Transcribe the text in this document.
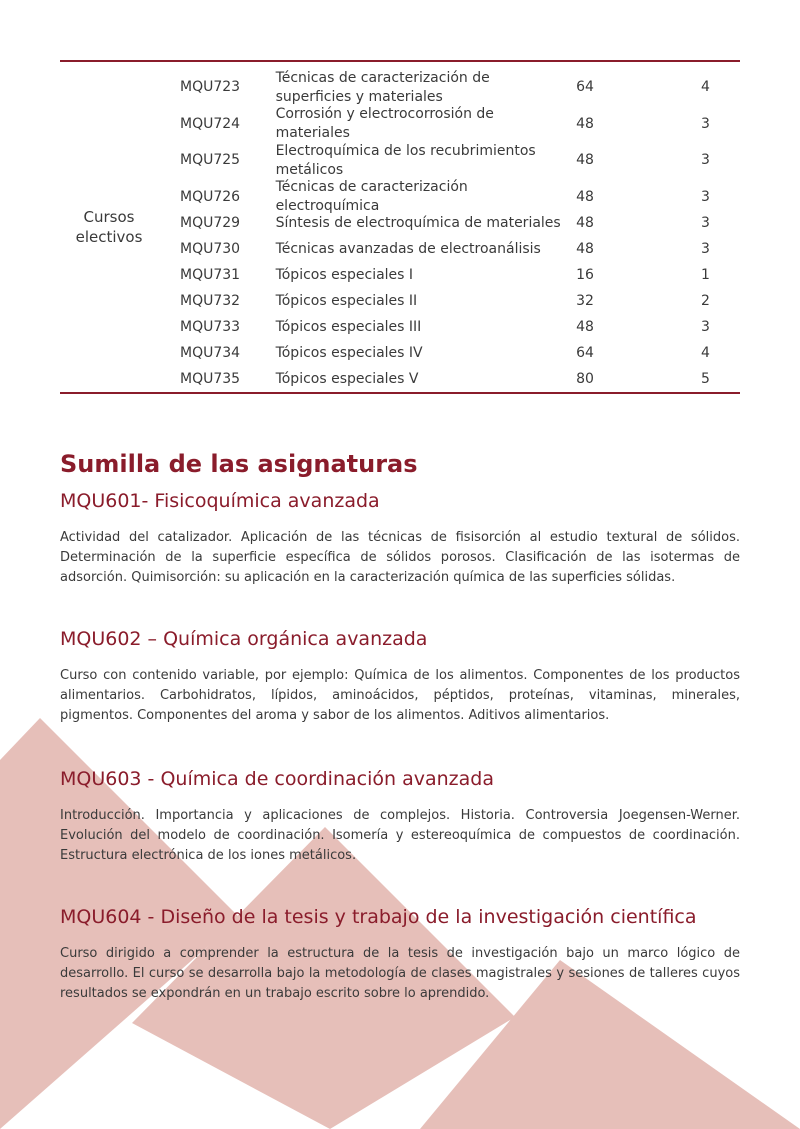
Cursos electivos
MQU723
Técnicas de caracterización de superficies y materiales
64	4
MQU724
Corrosión y electrocorrosión de materiales
48	3
MQU725
Electroquímica de los recubrimientos metálicos
48	3
MQU726
Técnicas de caracterización electroquímica
48	3
MQU729	Síntesis de electroquímica de materiales	48	3
MQU730	Técnicas avanzadas de electroanálisis	48	3
MQU731	Tópicos especiales I	16	1
MQU732	Tópicos especiales II	32	2
MQU733	Tópicos especiales III	48	3
MQU734	Tópicos especiales IV	64	4
MQU735	Tópicos especiales V	80	5
Sumilla de las asignaturas
MQU601- Fisicoquímica avanzada

Actividad del catalizador. Aplicación de las técnicas de fisisorción al estudio textural de sólidos. Determinación de la superficie específica de sólidos porosos. Clasificación de las isotermas de adsorción. Quimisorción: su aplicación en la caracterización química de las superficies sólidas.

MQU602 – Química orgánica avanzada

Curso con contenido variable, por ejemplo: Química de los alimentos. Componentes de los productos alimentarios. Carbohidratos, lípidos, aminoácidos, péptidos, proteínas, vitaminas, minerales, pigmentos. Componentes del aroma y sabor de los alimentos. Aditivos alimentarios.

MQU603 - Química de coordinación avanzada

Introducción. Importancia y aplicaciones de complejos. Historia. Controversia Joegensen-Werner. Evolución del modelo de coordinación. Isomería y estereoquímica de compuestos de coordinación. Estructura electrónica de los iones metálicos.

MQU604 - Diseño de la tesis y trabajo de la investigación científica

Curso dirigido a comprender la estructura de la tesis de investigación bajo un marco lógico de desarrollo. El curso se desarrolla bajo la metodología de clases magistrales y sesiones de talleres cuyos resultados se expondrán en un trabajo escrito sobre lo aprendido.
